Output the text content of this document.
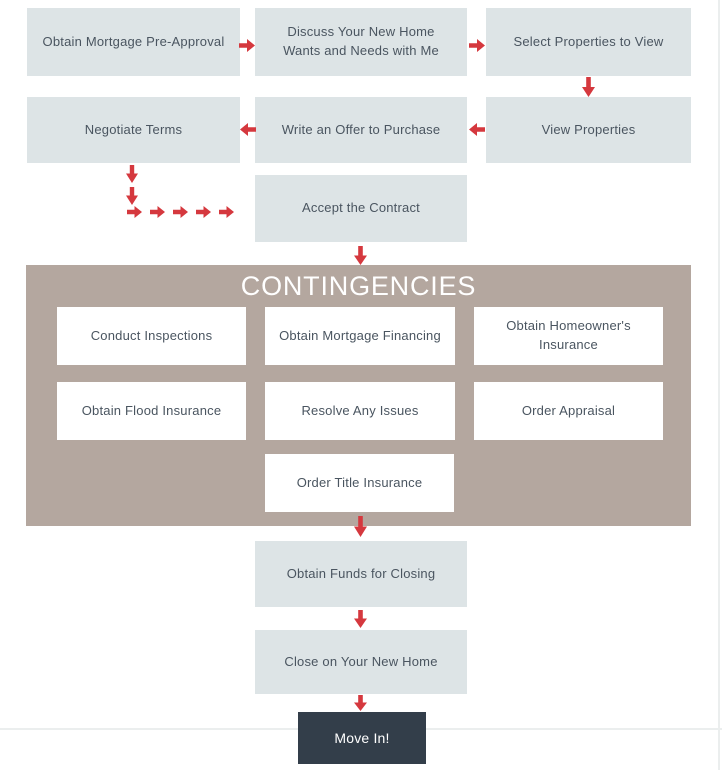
Obtain Mortgage Pre-Approval
Discuss Your New Home Wants and Needs with Me
Select Properties to View
Negotiate Terms	Write an Offer to Purchase	View Properties
Accept the Contract
CONTINGENCIES
Conduct Inspections	Obtain Mortgage Financing
Obtain Homeowner's Insurance
Obtain Flood Insurance	Resolve Any Issues	Order Appraisal
Order Title Insurance
Obtain Funds for Closing
Close on Your New Home
Move In!
